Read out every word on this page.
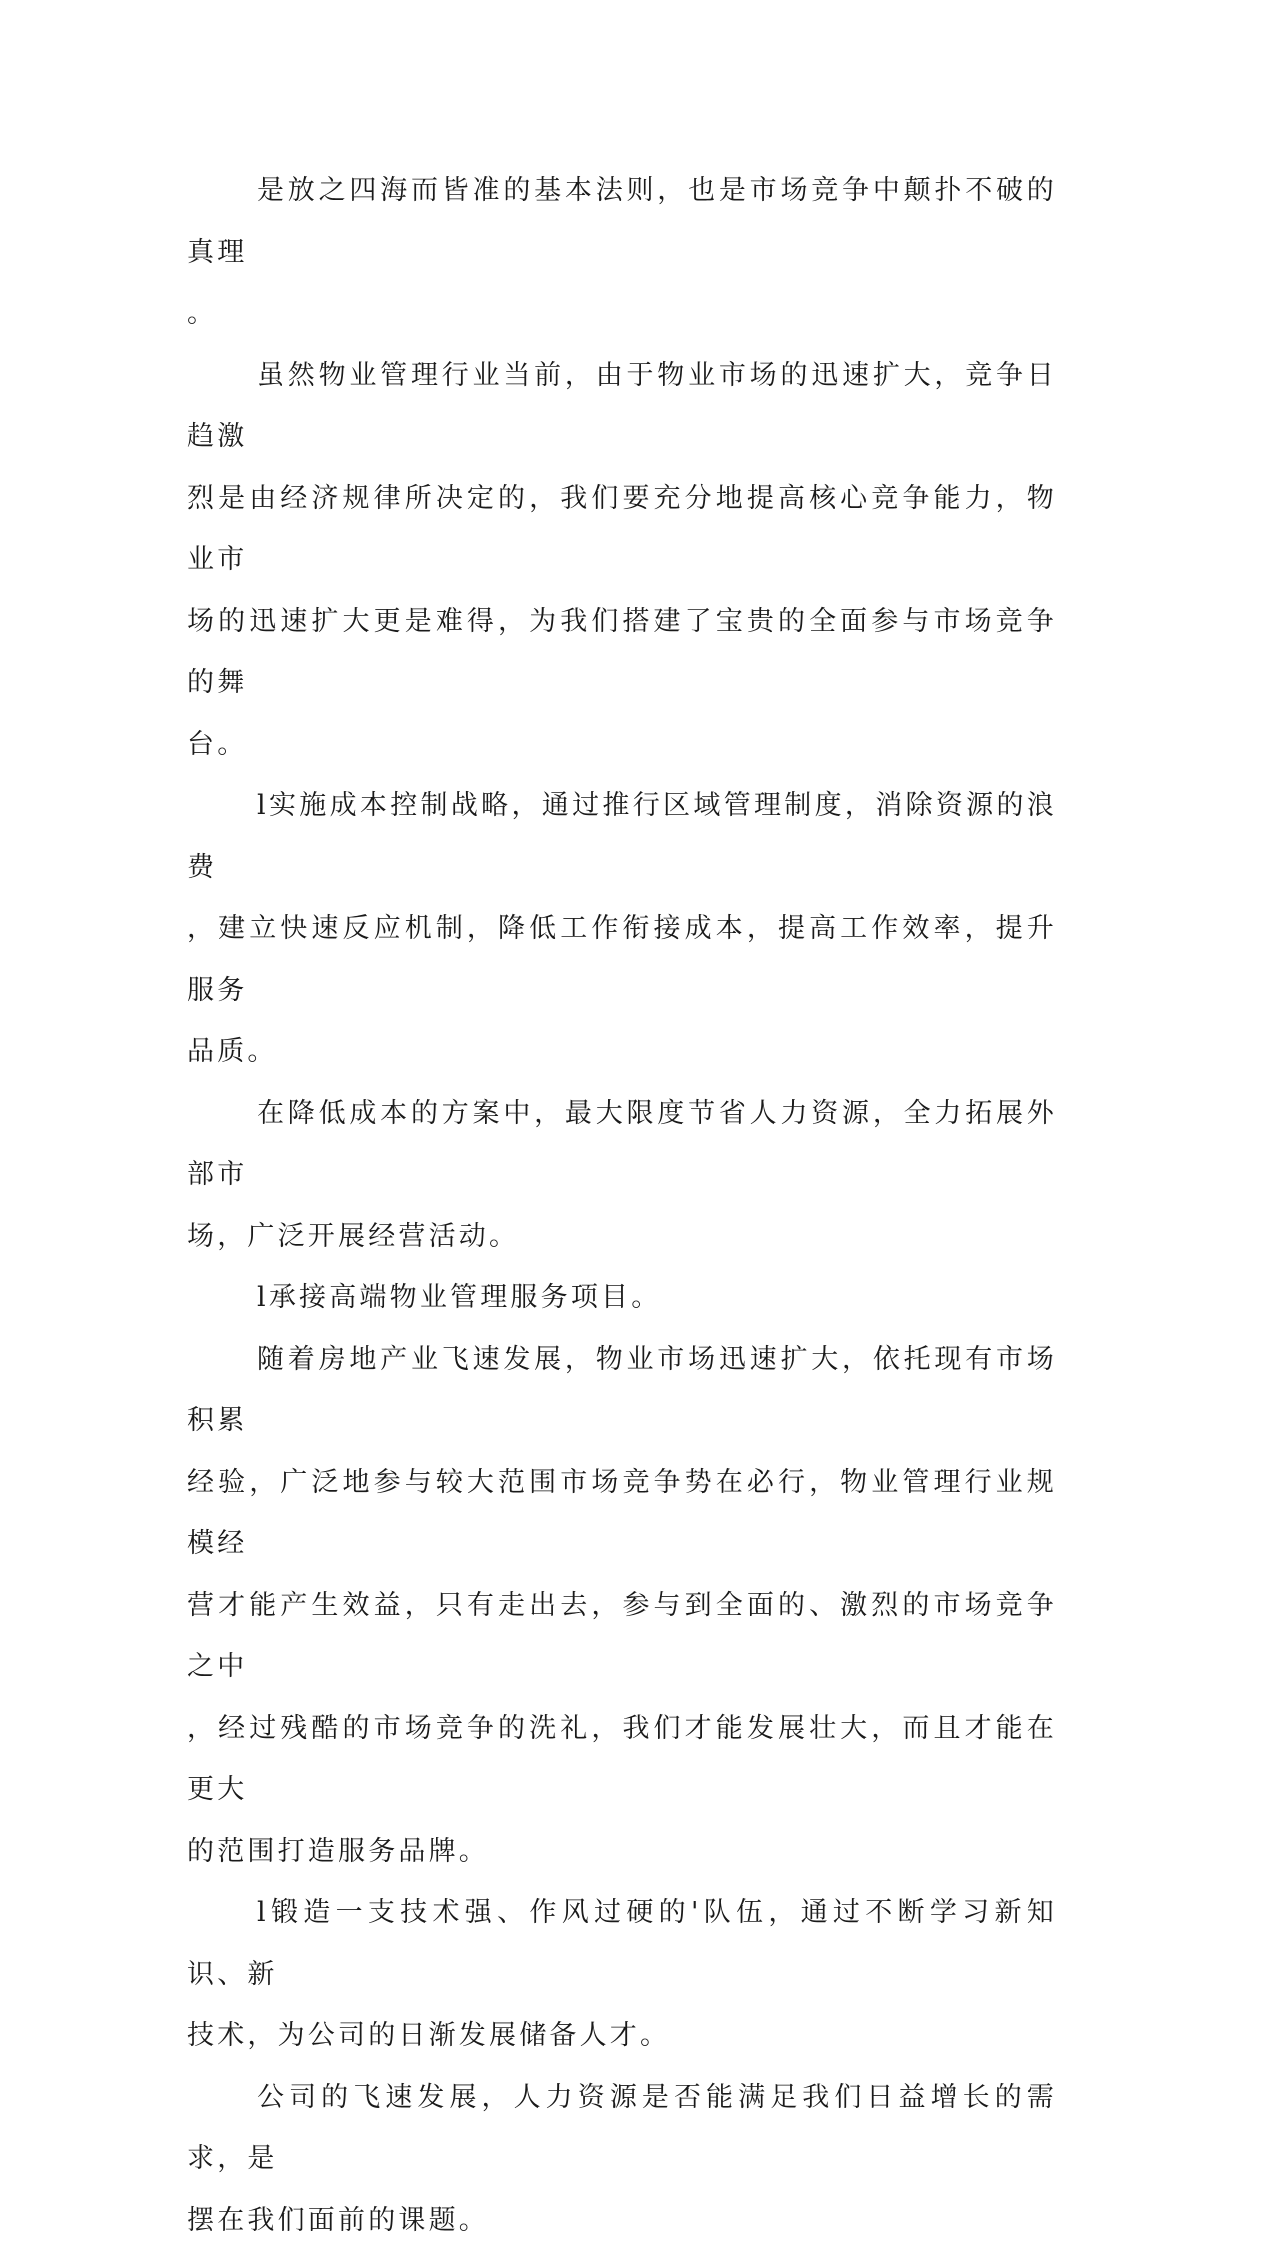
是放之四海而皆准的基本法则，也是市场竞争中颠扑不破的真理
。
虽然物业管理行业当前，由于物业市场的迅速扩大，竞争日趋激
烈是由经济规律所决定的，我们要充分地提高核心竞争能力，物业市
场的迅速扩大更是难得，为我们搭建了宝贵的全面参与市场竞争的舞
台。
l实施成本控制战略，通过推行区域管理制度，消除资源的浪费
，建立快速反应机制，降低工作衔接成本，提高工作效率，提升服务
品质。
在降低成本的方案中，最大限度节省人力资源，全力拓展外部市
场，广泛开展经营活动。
l承接高端物业管理服务项目。
随着房地产业飞速发展，物业市场迅速扩大，依托现有市场积累
经验，广泛地参与较大范围市场竞争势在必行，物业管理行业规模经
营才能产生效益，只有走出去，参与到全面的、激烈的市场竞争之中
，经过残酷的市场竞争的洗礼，我们才能发展壮大，而且才能在更大
的范围打造服务品牌。
l锻造一支技术强、作风过硬的'队伍，通过不断学习新知识、新
技术，为公司的日渐发展储备人才。
公司的飞速发展，人力资源是否能满足我们日益增长的需求，是
摆在我们面前的课题。
